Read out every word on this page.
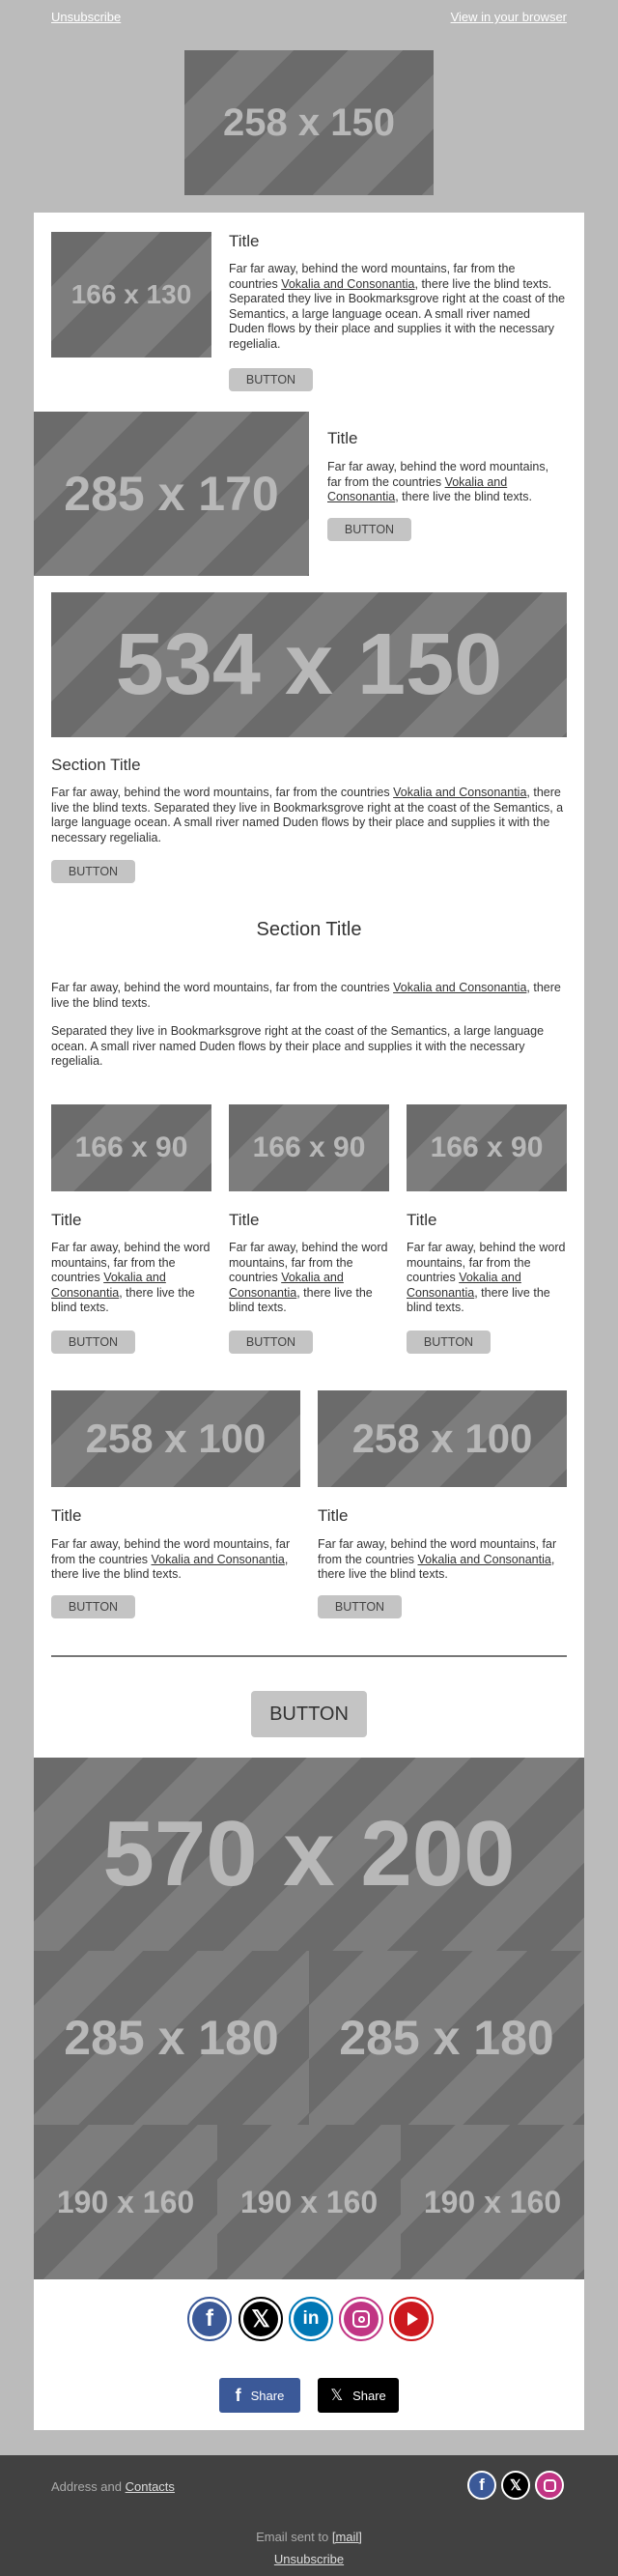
Unsubscribe	View in your browser
258 x 150
166 x 130
Title
Far far away, behind the word mountains, far from the countries Vokalia and Consonantia, there live the blind texts. Separated they live in Bookmarksgrove right at the coast of the Semantics, a large language ocean. A small river named Duden flows by their place and supplies it with the necessary regelialia.
BUTTON
285 x 170
Title
Far far away, behind the word mountains, far from the countries Vokalia and Consonantia, there live the blind texts.
BUTTON
534 x 150
Section Title
Far far away, behind the word mountains, far from the countries Vokalia and Consonantia, there live the blind texts. Separated they live in Bookmarksgrove right at the coast of the Semantics, a large language ocean. A small river named Duden flows by their place and supplies it with the necessary regelialia.
BUTTON
Section Title
Far far away, behind the word mountains, far from the countries Vokalia and Consonantia, there live the blind texts.
Separated they live in Bookmarksgrove right at the coast of the Semantics, a large language ocean. A small river named Duden flows by their place and supplies it with the necessary regelialia.
166 x 90 166 x 90 166 x 90
Title	Title	Title
Far far away, behind the word mountains, far from the countries Vokalia and Consonantia, there live the blind texts.
Far far away, behind the word mountains, far from the countries Vokalia and Consonantia, there live the blind texts.
Far far away, behind the word mountains, far from the countries Vokalia and Consonantia, there live the blind texts.
BUTTON	BUTTON	BUTTON
258 x 100 258 x 100
Title	Title
Far far away, behind the word mountains, far from the countries Vokalia and Consonantia, there live the blind texts.
Far far away, behind the word mountains, far from the countries Vokalia and Consonantia, there live the blind texts.
BUTTON	BUTTON
BUTTON
570 x 200
285 x 180 285 x 180
190 x 160 190 x 160 190 x 160
f	𝕏	in
f Share	𝕏 Share
Address and Contacts	f	𝕏
Email sent to [mail]
Unsubscribe
